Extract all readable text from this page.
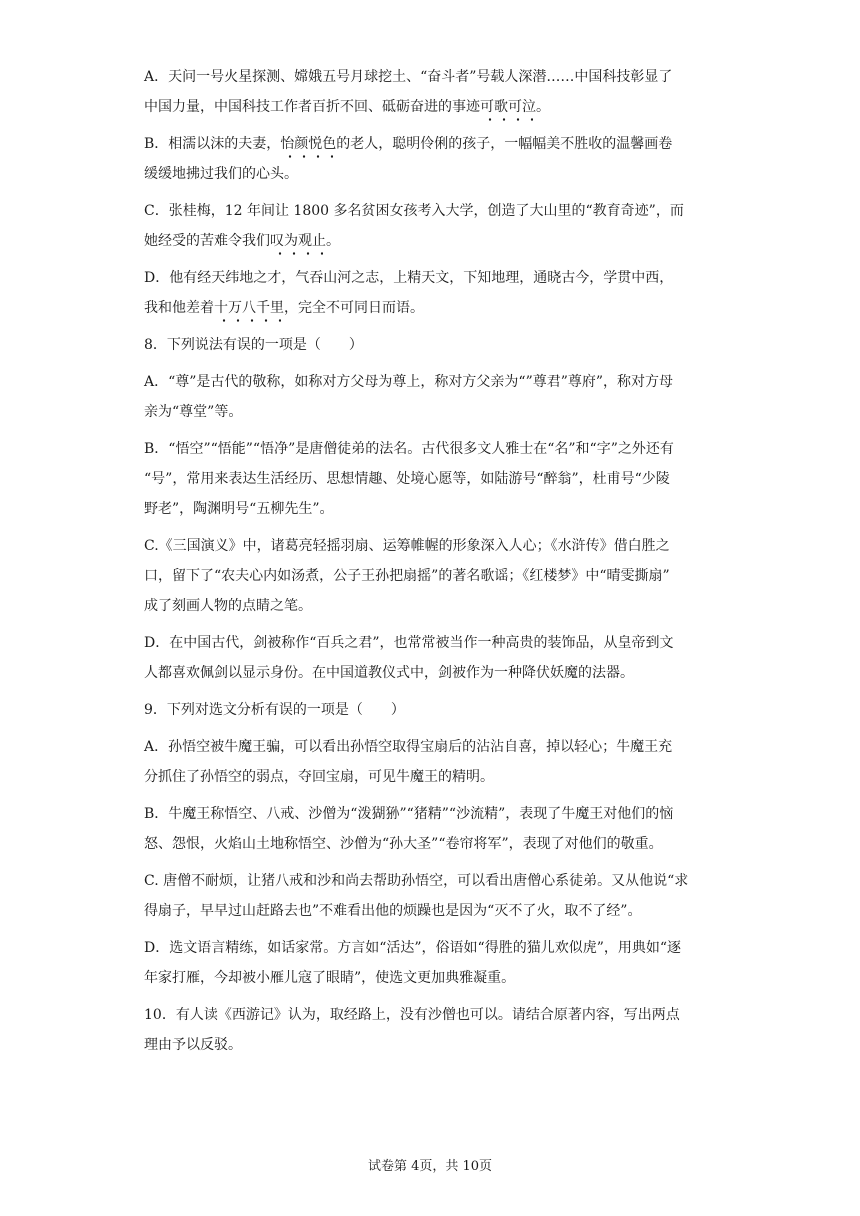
A．天问一号火星探测、嫦娥五号月球挖土、“奋斗者”号载人深潜……中国科技彰显了
中国力量，中国科技工作者百折不回、砥砺奋进的事迹可歌可泣。
B．相濡以沫的夫妻，怡颜悦色的老人，聪明伶俐的孩子，一幅幅美不胜收的温馨画卷
缓缓地拂过我们的心头。
C．张桂梅，12 年间让 1800 多名贫困女孩考入大学，创造了大山里的“教育奇迹”，而
她经受的苦难令我们叹为观止。
D．他有经天纬地之才，气吞山河之志，上精天文，下知地理，通晓古今，学贯中西，
我和他差着十万八千里，完全不可同日而语。
8．下列说法有误的一项是（　　）
A．“尊”是古代的敬称，如称对方父母为尊上，称对方父亲为“”尊君”尊府”，称对方母
亲为“尊堂”等。
B．“悟空”“悟能”“悟净”是唐僧徒弟的法名。古代很多文人雅士在“名”和“字”之外还有
“号”，常用来表达生活经历、思想情趣、处境心愿等，如陆游号“醉翁”，杜甫号“少陵
野老”，陶渊明号“五柳先生”。
C.《三国演义》中，诸葛亮轻摇羽扇、运筹帷幄的形象深入人心；《水浒传》借白胜之
口，留下了“农夫心内如汤煮，公子王孙把扇摇”的著名歌谣；《红楼梦》中“晴雯撕扇”
成了刻画人物的点睛之笔。
D．在中国古代，剑被称作“百兵之君”，也常常被当作一种高贵的装饰品，从皇帝到文
人都喜欢佩剑以显示身份。在中国道教仪式中，剑被作为一种降伏妖魔的法器。
9．下列对选文分析有误的一项是（　　）
A．孙悟空被牛魔王骗，可以看出孙悟空取得宝扇后的沾沾自喜，掉以轻心；牛魔王充
分抓住了孙悟空的弱点，夺回宝扇，可见牛魔王的精明。
B．牛魔王称悟空、八戒、沙僧为“泼猢狲”“猪精”“沙流精”，表现了牛魔王对他们的恼
怒、怨恨，火焰山土地称悟空、沙僧为“孙大圣”“卷帘将军”，表现了对他们的敬重。
C. 唐僧不耐烦，让猪八戒和沙和尚去帮助孙悟空，可以看出唐僧心系徒弟。又从他说“求
得扇子，早早过山赶路去也”不难看出他的烦躁也是因为“灭不了火，取不了经”。
D．选文语言精练，如话家常。方言如“活达”，俗语如“得胜的猫儿欢似虎”，用典如“逐
年家打雁，今却被小雁儿寇了眼睛”，使选文更加典雅凝重。
10．有人读《西游记》认为，取经路上，没有沙僧也可以。请结合原著内容，写出两点
理由予以反驳。
试卷第 4页，共 10页
